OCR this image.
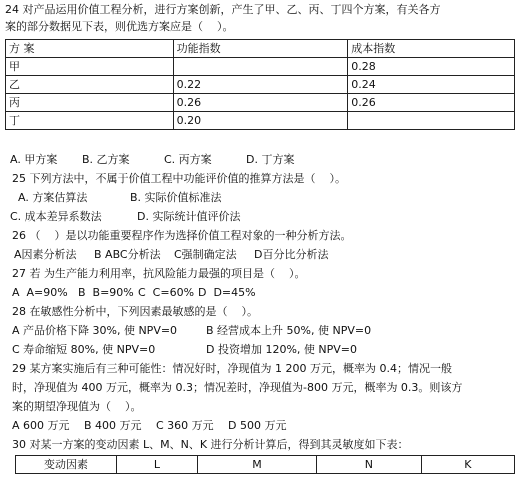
24 对产品运用价值工程分析，进行方案创新，产生了甲、乙、丙、丁四个方案，有关各方
案的部分数据见下表，则优选方案应是（    ）。
方 案	功能指数	成本指数
甲		0.28
乙	0.22	0.24
丙	0.26	0.26
丁	0.20	
A. 甲方案	B. 乙方案	C. 丙方案	D. 丁方案
25 下列方法中，不属于价值工程中功能评价值的推算方法是（    ）。
A. 方案估算法	B. 实际价值标准法
C. 成本差异系数法	D. 实际统计值评价法
26 （    ）是以功能重要程序作为选择价值工程对象的一种分析方法。
A因素分析法	B ABC分析法	C强制确定法	D百分比分析法
27 若 为生产能力利用率，抗风险能力最强的项目是（    ）。
A  A=90% B  B=90% C  C=60% D  D=45%
28 在敏感性分析中，下列因素最敏感的是（    ）。
A 产品价格下降 30%, 使 NPV=0	B 经营成本上升 50%, 使 NPV=0
C 寿命缩短 80%, 使 NPV=0	D 投资增加 120%, 使 NPV=0
29 某方案实施后有三种可能性：情况好时，净现值为 1 200 万元，概率为 0.4；情况一般
时，净现值为 400 万元，概率为 0.3；情况差时，净现值为-800 万元，概率为 0.3。则该方
案的期望净现值为（    ）。
A 600 万元	B 400 万元	C 360 万元	D 500 万元
30 对某一方案的变动因素 L、M、N、K 进行分析计算后，得到其灵敏度如下表：
变动因素	L	M	N	K
